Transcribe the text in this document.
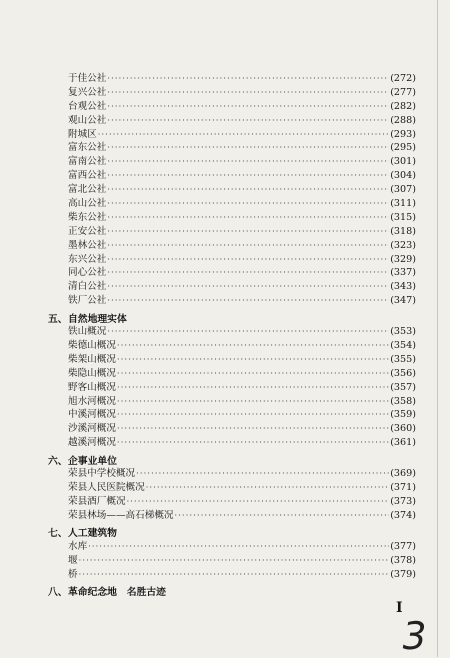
于佳公社 ·····	(272)
复兴公社 ·····	(277)
台观公社 ·····	(282)
观山公社 ·····	(288)
附城区 ·····	(293)
富东公社 ·····	(295)
富南公社 ·····	(301)
富西公社 ·····	(304)
富北公社 ·····	(307)
高山公社 ·····	(311)
柴东公社 ·····	(315)
正安公社 ·····	(318)
墨林公社 ·····	(323)
东兴公社 ·····	(329)
同心公社 ·····	(337)
清白公社 ·····	(343)
铁厂公社 ·····	(347)
五、 自然地理实体
铁山概况 ·····	(353)
柴德山概况 ·····	(354)
柴架山概况 ·····	(355)
柴隐山概况 ·····	(356)
野客山概况 ·····	(357)
旭水河概况 ·····	(358)
中溪河概况 ·····	(359)
沙溪河概况 ·····	(360)
越溪河概况 ·····	(361)
六、 企事业单位
荣县中学校概况 ·····	(369)
荣县人民医院概况 ·····	(371)
荣县酒厂概况 ·····	(373)
荣县林场——高石梯概况 ·····	(374)
七、 人工建筑物
水库 ·····	(377)
堰 ·····	(378)
桥 ·····	(379)
八、 革命纪念地　名胜古迹
I
3
